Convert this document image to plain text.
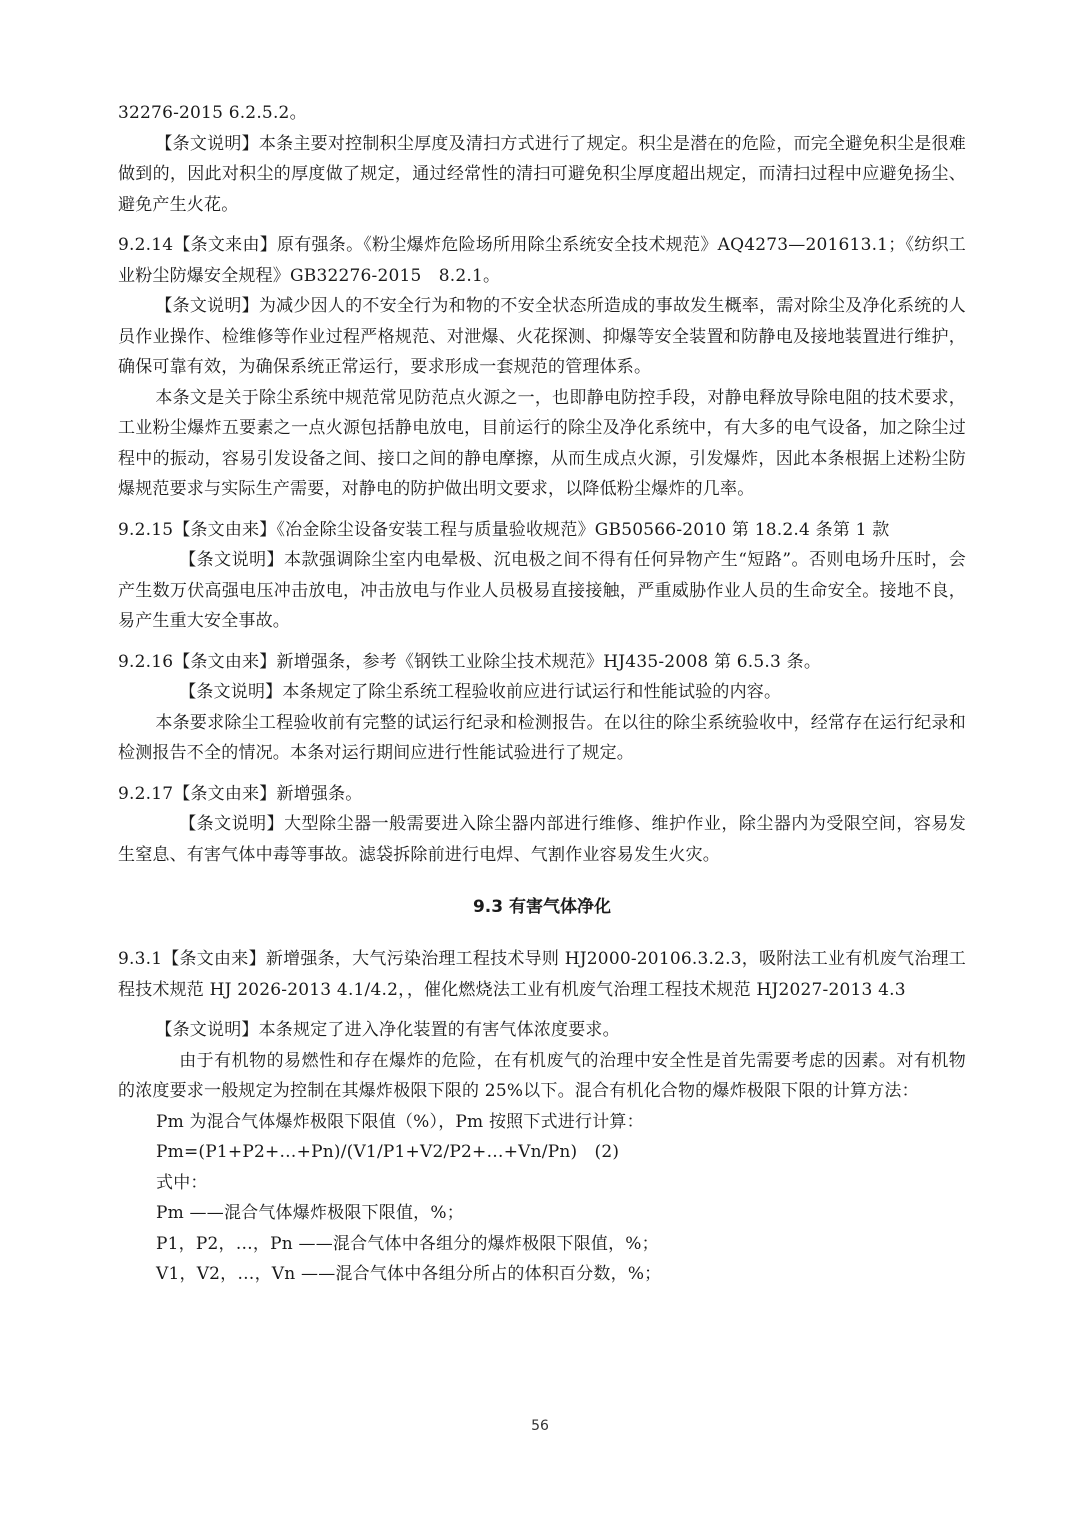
32276-2015 6.2.5.2。

【条文说明】本条主要对控制积尘厚度及清扫方式进行了规定。积尘是潜在的危险，而完全避免积尘是很难做到的，因此对积尘的厚度做了规定，通过经常性的清扫可避免积尘厚度超出规定，而清扫过程中应避免扬尘、避免产生火花。

9.2.14【条文来由】原有强条。《粉尘爆炸危险场所用除尘系统安全技术规范》AQ4273—201613.1；《纺织工业粉尘防爆安全规程》GB32276-2015　8.2.1。

【条文说明】为减少因人的不安全行为和物的不安全状态所造成的事故发生概率，需对除尘及净化系统的人员作业操作、检维修等作业过程严格规范、对泄爆、火花探测、抑爆等安全装置和防静电及接地装置进行维护，确保可靠有效，为确保系统正常运行，要求形成一套规范的管理体系。

本条文是关于除尘系统中规范常见防范点火源之一，也即静电防控手段，对静电释放导除电阻的技术要求，工业粉尘爆炸五要素之一点火源包括静电放电，目前运行的除尘及净化系统中，有大多的电气设备，加之除尘过程中的振动，容易引发设备之间、接口之间的静电摩擦，从而生成点火源，引发爆炸，因此本条根据上述粉尘防爆规范要求与实际生产需要，对静电的防护做出明文要求，以降低粉尘爆炸的几率。

9.2.15【条文由来】《冶金除尘设备安装工程与质量验收规范》GB50566-2010 第 18.2.4 条第 1 款

【条文说明】本款强调除尘室内电晕极、沉电极之间不得有任何异物产生“短路”。否则电场升压时，会产生数万伏高强电压冲击放电，冲击放电与作业人员极易直接接触，严重威胁作业人员的生命安全。接地不良，易产生重大安全事故。

9.2.16【条文由来】新增强条，参考《钢铁工业除尘技术规范》HJ435-2008 第 6.5.3 条。

【条文说明】本条规定了除尘系统工程验收前应进行试运行和性能试验的内容。

本条要求除尘工程验收前有完整的试运行纪录和检测报告。在以往的除尘系统验收中，经常存在运行纪录和检测报告不全的情况。本条对运行期间应进行性能试验进行了规定。

9.2.17【条文由来】新增强条。

【条文说明】大型除尘器一般需要进入除尘器内部进行维修、维护作业，除尘器内为受限空间，容易发生窒息、有害气体中毒等事故。滤袋拆除前进行电焊、气割作业容易发生火灾。

9.3 有害气体净化

9.3.1【条文由来】新增强条，大气污染治理工程技术导则 HJ2000-20106.3.2.3，吸附法工业有机废气治理工程技术规范 HJ 2026-2013 4.1/4.2，，催化燃烧法工业有机废气治理工程技术规范 HJ2027-2013 4.3

【条文说明】本条规定了进入净化装置的有害气体浓度要求。

由于有机物的易燃性和存在爆炸的危险，在有机废气的治理中安全性是首先需要考虑的因素。对有机物的浓度要求一般规定为控制在其爆炸极限下限的 25%以下。混合有机化合物的爆炸极限下限的计算方法：

Pm 为混合气体爆炸极限下限值（%），Pm 按照下式进行计算：

Pm=(P1+P2+…+Pn)/(V1/P1+V2/P2+…+Vn/Pn)　(2)

式中：

Pm ——混合气体爆炸极限下限值，%；

P1，P2，…，Pn ——混合气体中各组分的爆炸极限下限值，%；

V1，V2，…，Vn ——混合气体中各组分所占的体积百分数，%；

56
